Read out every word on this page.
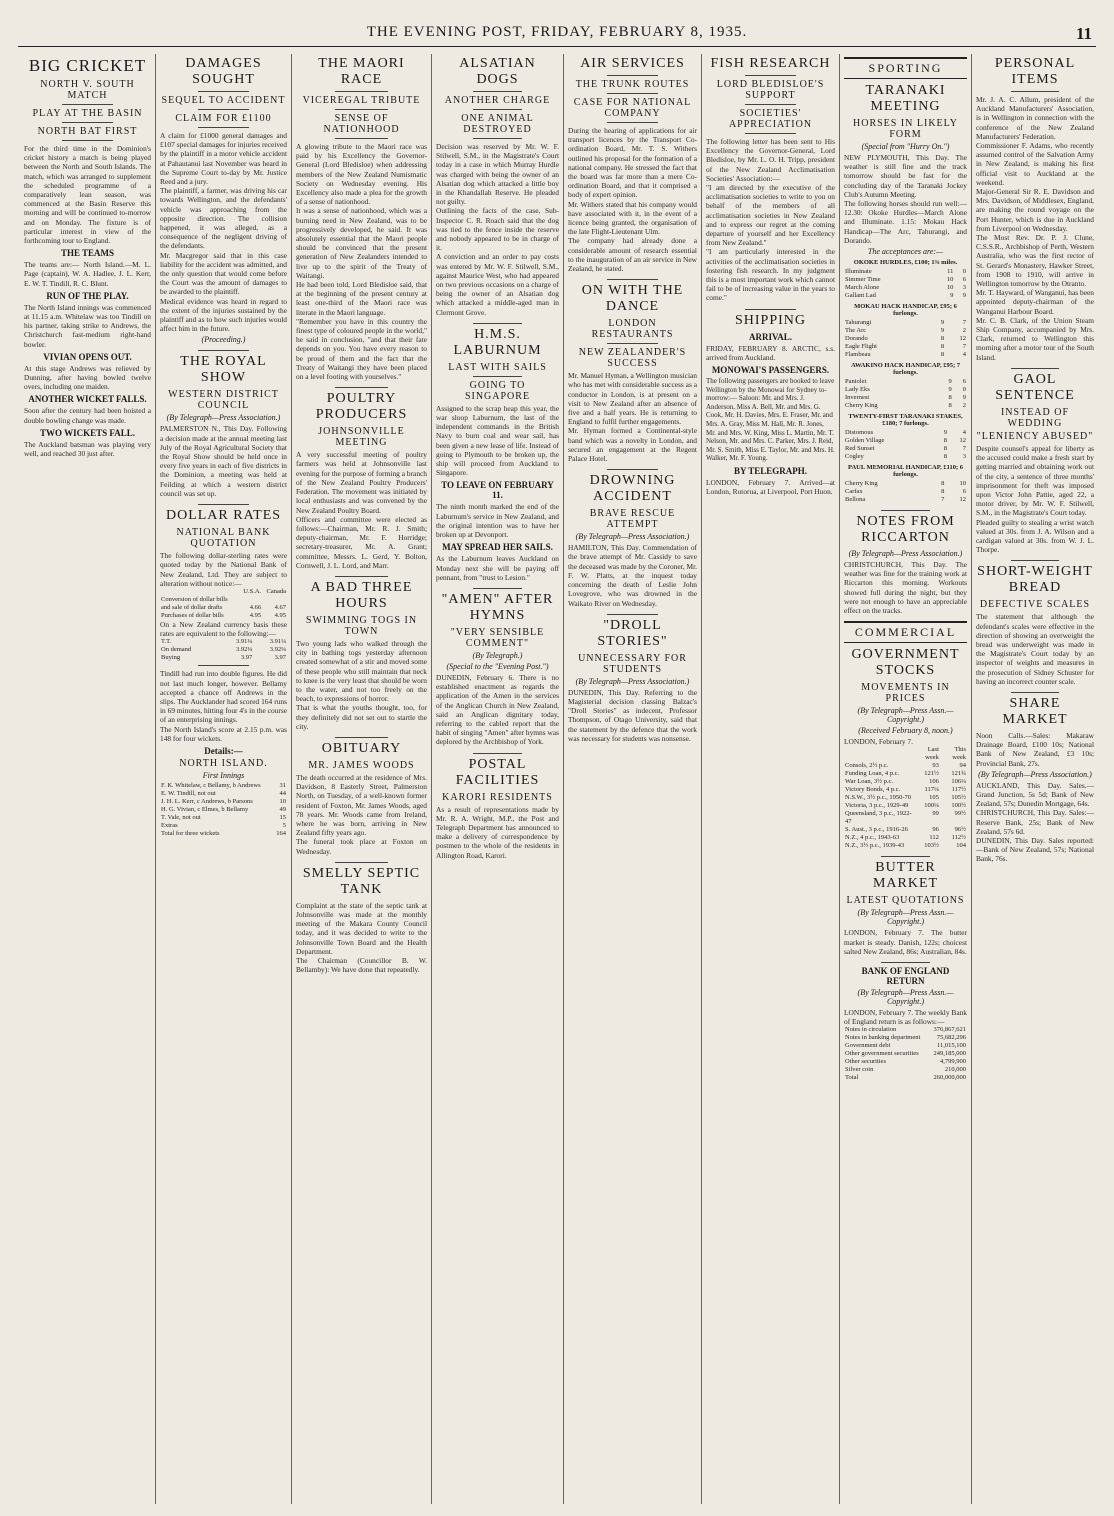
THE EVENING POST, FRIDAY, FEBRUARY 8, 1935.	11
BIG CRICKET
NORTH V. SOUTH MATCH
PLAY AT THE BASIN
NORTH BAT FIRST
For the third time in the Dominion's cricket history a match is being played between the North and South Islands. The match, which was arranged to supplement the scheduled programme of a comparatively lean season, was commenced at the Basin Reserve this morning and will be continued to-morrow and on Monday. The fixture is of particular interest in view of the forthcoming tour to England.
THE TEAMS
The teams are:— North Island.—M. L. Page (captain), W. A. Hadlee, J. L. Kerr, E. W. T. Tindill, R. C. Blunt.
RUN OF THE PLAY.
The North Island innings was commenced at 11.15 a.m. Whitelaw was too Tindill on his partner, taking strike to Andrews, the Christchurch fast-medium right-hand bowler.
VIVIAN OPENS OUT.
At this stage Andrews was relieved by Dunning, after having bowled twelve overs, including one maiden.
ANOTHER WICKET FALLS.
Soon after the century had been hoisted a double bowling change was made.
TWO WICKETS FALL.
The Auckland batsman was playing very well, and reached 30 just after.
DAMAGES SOUGHT
SEQUEL TO ACCIDENT
CLAIM FOR £1100
A claim for £1000 general damages and £107 special damages for injuries received by the plaintiff in a motor vehicle accident at Pahautanui last November was heard in the Supreme Court to-day by Mr. Justice Reed and a jury.
The plaintiff, a farmer, was driving his car towards Wellington, and the defendants' vehicle was approaching from the opposite direction. The collision happened, it was alleged, as a consequence of the negligent driving of the defendants.
Mr. Macgregor said that in this case liability for the accident was admitted, and the only question that would come before the Court was the amount of damages to be awarded to the plaintiff.
Medical evidence was heard in regard to the extent of the injuries sustained by the plaintiff and as to how such injuries would affect him in the future.
(Proceeding.)
THE ROYAL SHOW
WESTERN DISTRICT COUNCIL
(By Telegraph—Press Association.)
PALMERSTON N., This Day. Following a decision made at the annual meeting last July of the Royal Agricultural Society that the Royal Show should be held once in every five years in each of five districts in the Dominion, a meeting was held at Feilding at which a western district council was set up.
DOLLAR RATES
NATIONAL BANK QUOTATION
The following dollar-sterling rates were quoted today by the National Bank of New Zealand, Ltd. They are subject to alteration without notice:—
	U.S.A.	Canada
Conversion of dollar bills		
and sale of dollar drafts	4.66	4.67
Purchases of dollar bills	4.95	4.95
On a New Zealand currency basis these rates are equivalent to the following:—
T.T.	3.91¼	3.91¼
On demand	3.92¼	3.92¼
Buying	3.97	3.97
Tindill had run into double figures. He did not last much longer, however. Bellamy accepted a chance off Andrews in the slips. The Aucklander had scored 164 runs in 69 minutes, hitting four 4's in the course of an enterprising innings.
The North Island's score at 2.15 p.m. was 148 for four wickets.
Details:—
NORTH ISLAND.
First Innings
F. K. Whitelaw, c Bellamy, b Andrews	31
E. W. Tindill, not out	44
J. H. L. Kerr, c Andrews, b Parsons	10
H. G. Vivian, c Elmes, b Bellamy	49
T. Vale, not out	15
Extras	5
Total for three wickets	164
THE MAORI RACE
VICEREGAL TRIBUTE
SENSE OF NATIONHOOD
A glowing tribute to the Maori race was paid by his Excellency the Governor-General (Lord Bledisloe) when addressing members of the New Zealand Numismatic Society on Wednesday evening. His Excellency also made a plea for the growth of a sense of nationhood.
It was a sense of nationhood, which was a burning need in New Zealand, was to be progressively developed, he said. It was absolutely essential that the Maori people should be convinced that the present generation of New Zealanders intended to live up to the spirit of the Treaty of Waitangi.
He had been told, Lord Bledisloe said, that at the beginning of the present century at least one-third of the Maori race was literate in the Maori language.
"Remember you have in this country the finest type of coloured people in the world," he said in conclusion, "and that their fate depends on you. You have every reason to be proud of them and the fact that the Treaty of Waitangi they have been placed on a level footing with yourselves."
POULTRY PRODUCERS
JOHNSONVILLE MEETING
A very successful meeting of poultry farmers was held at Johnsonville last evening for the purpose of forming a branch of the New Zealand Poultry Producers' Federation. The movement was initiated by local enthusiasts and was convened by the New Zealand Poultry Board.
Officers and committee were elected as follows:—Chairman, Mr. R. J. Smith; deputy-chairman, Mr. F. Horridge; secretary-treasurer, Mr. A. Grant; committee, Messrs. L. Gerd, Y. Bolton, Cornwell, J. L. Lord, and Marr.
A BAD THREE HOURS
SWIMMING TOGS IN TOWN
Two young lads who walked through the city in bathing togs yesterday afternoon created somewhat of a stir and moved some of these people who still maintain that neck to knee is the very least that should be worn to the water, and not too freely on the beach, to expressions of horror.
That is what the youths thought, too, for they definitely did not set out to startle the city.
OBITUARY
MR. JAMES WOODS
The death occurred at the residence of Mrs. Davidson, 8 Easterly Street, Palmerston North, on Tuesday, of a well-known former resident of Foxton, Mr. James Woods, aged 78 years. Mr. Woods came from Ireland, where he was born, arriving in New Zealand fifty years ago.
The funeral took place at Foxton on Wednesday.
SMELLY SEPTIC TANK
Complaint at the state of the septic tank at Johnsonville was made at the monthly meeting of the Makara County Council today, and it was decided to write to the Johnsonville Town Board and the Health Department.
The Chairman (Councillor B. W. Bellamby): We have done that repeatedly.
ALSATIAN DOGS
ANOTHER CHARGE
ONE ANIMAL DESTROYED
Decision was reserved by Mr. W. F. Stilwell, S.M., in the Magistrate's Court today in a case in which Murray Hurdle was charged with being the owner of an Alsatian dog which attacked a little boy in the Khandallah Reserve. He pleaded not guilty.
Outlining the facts of the case, Sub-Inspector C. R. Roach said that the dog was tied to the fence inside the reserve and nobody appeared to be in charge of it.
A conviction and an order to pay costs was entered by Mr. W. F. Stilwell, S.M., against Maurice West, who had appeared on two previous occasions on a charge of being the owner of an Alsatian dog which attacked a middle-aged man in Clermont Grove.
H.M.S. LABURNUM
LAST WITH SAILS
GOING TO SINGAPORE
Assigned to the scrap heap this year, the war sloop Laburnum, the last of the independent commands in the British Navy to burn coal and wear sail, has been given a new lease of life. Instead of going to Plymouth to be broken up, the ship will proceed from Auckland to Singapore.
TO LEAVE ON FEBRUARY 11.
The ninth month marked the end of the Laburnum's service in New Zealand, and the original intention was to have her broken up at Devonport.
MAY SPREAD HER SAILS.
As the Laburnum leaves Auckland on Monday next she will be paying off pennant, from "trust to Lesion."
"AMEN" AFTER HYMNS
"VERY SENSIBLE COMMENT"
(By Telegraph.)
(Special to the "Evening Post.")
DUNEDIN, February 6. There is no established enactment as regards the application of the Amen in the services of the Anglican Church in New Zealand, said an Anglican dignitary today, referring to the cabled report that the habit of singing "Amen" after hymns was deplored by the Archbishop of York.
POSTAL FACILITIES
KARORI RESIDENTS
As a result of representations made by Mr. R. A. Wright, M.P., the Post and Telegraph Department has announced to make a delivery of correspondence by postmen to the whole of the residents in Allington Road, Karori.
AIR SERVICES
THE TRUNK ROUTES
CASE FOR NATIONAL COMPANY
During the hearing of applications for air transport licences by the Transport Co-ordination Board, Mr. T. S. Withers outlined his proposal for the formation of a national company. He stressed the fact that the board was far more than a mere Co-ordination Board, and that it comprised a body of expert opinion.
Mr. Withers stated that his company would have associated with it, in the event of a licence being granted, the organisation of the late Flight-Lieutenant Ulm.
The company had already done a considerable amount of research essential to the inauguration of an air service in New Zealand, he stated.
ON WITH THE DANCE
LONDON RESTAURANTS
NEW ZEALANDER'S SUCCESS
Mr. Manuel Hyman, a Wellington musician who has met with considerable success as a conductor in London, is at present on a visit to New Zealand after an absence of five and a half years. He is returning to England to fulfil further engagements.
Mr. Hyman formed a Continental-style band which was a novelty in London, and secured an engagement at the Regent Palace Hotel.
DROWNING ACCIDENT
BRAVE RESCUE ATTEMPT
(By Telegraph—Press Association.)
HAMILTON, This Day. Commendation of the brave attempt of Mr. Cassidy to save the deceased was made by the Coroner, Mr. F. W. Platts, at the inquest today concerning the death of Leslie John Lovegrove, who was drowned in the Waikato River on Wednesday.
"DROLL STORIES"
UNNECESSARY FOR STUDENTS
(By Telegraph—Press Association.)
DUNEDIN, This Day. Referring to the Magisterial decision classing Balzac's "Droll Stories" as indecent, Professor Thompson, of Otago University, said that the statement by the defence that the work was necessary for students was nonsense.
FISH RESEARCH
LORD BLEDISLOE'S SUPPORT
SOCIETIES' APPRECIATION
The following letter has been sent to His Excellency the Governor-General, Lord Bledisloe, by Mr. L. O. H. Tripp, president of the New Zealand Acclimatisation Societies' Association:—
"I am directed by the executive of the acclimatisation societies to write to you on behalf of the members of all acclimatisation societies in New Zealand and to express our regret at the coming departure of yourself and her Excellency from New Zealand."
"I am particularly interested in the activities of the acclimatisation societies in fostering fish research. In my judgment this is a most important work which cannot fail to be of increasing value in the years to come."
SHIPPING
ARRIVAL.
FRIDAY, FEBRUARY 8. ARCTIC, s.s. arrived from Auckland.
MONOWAI'S PASSENGERS.
The following passengers are booked to leave Wellington by the Monowai for Sydney to-morrow:— Saloon: Mr. and Mrs. J. Anderson, Miss A. Bell, Mr. and Mrs. G. Cook, Mr. H. Davies, Mrs. E. Fraser, Mr. and Mrs. A. Gray, Miss M. Hall, Mr. R. Jones, Mr. and Mrs. W. King, Miss L. Martin, Mr. T. Nelson, Mr. and Mrs. C. Parker, Mrs. J. Reid, Mr. S. Smith, Miss E. Taylor, Mr. and Mrs. H. Walker, Mr. F. Young.
BY TELEGRAPH.
LONDON, February 7. Arrived—at London, Rotorua, at Liverpool, Port Huon.
SPORTING
TARANAKI MEETING
HORSES IN LIKELY FORM
(Special from "Hurry On.")
NEW PLYMOUTH, This Day. The weather is still fine and the track tomorrow should be fast for the concluding day of the Taranaki Jockey Club's Autumn Meeting.
The following horses should run well:— 12.30: Okoke Hurdles—March Alone and Illuminate. 1.15: Mokau Hack Handicap—The Arc, Tahurangi, and Dorando.
The acceptances are:—
OKOKE HURDLES, £100; 1⅜ miles.
Illuminate	11	0
Simmer Time	10	6
March Alone	10	3
Gallant Lad	9	9
MOKAU HACK HANDICAP, £95; 6 furlongs.
Tahurangi	9	7
The Arc	9	2
Dorando	8	12
Eagle Flight	8	7
Flambeau	8	4
AWAKINO HACK HANDICAP, £95; 7 furlongs.
Paniolet	9	6
Lady Eks	9	0
Invernest	8	9
Cherry King	8	2
TWENTY-FIRST TARANAKI STAKES, £180; 7 furlongs.
Distomous	9	4
Golden Village	8	12
Red Sunset	8	7
Cogley	8	3
PAUL MEMORIAL HANDICAP, £110; 6 furlongs.
Cherry King	8	10
Carfax	8	6
Bellona	7	12
NOTES FROM RICCARTON
(By Telegraph—Press Association.)
CHRISTCHURCH, This Day. The weather was fine for the training work at Riccarton this morning. Workouts showed full during the night, but they were not enough to have an appreciable effect on the tracks.
COMMERCIAL
GOVERNMENT STOCKS
MOVEMENTS IN PRICES
(By Telegraph—Press Assn.—Copyright.)
(Received February 8, noon.)
LONDON, February 7.
	Last week	This week
Consols, 2½ p.c.	93	94
Funding Loan, 4 p.c.	121½	121¾
War Loan, 3½ p.c.	106	106¼
Victory Bonds, 4 p.c.	117¼	117½
N.S.W., 3½ p.c., 1950-70	105	105½
Victoria, 3 p.c., 1929-49	100¼	100½
Queensland, 3 p.c., 1922-47	99	99½
S. Aust., 3 p.c., 1916-26	96	96½
N.Z., 4 p.c., 1943-63	112	112½
N.Z., 3½ p.c., 1939-43	103½	104
BUTTER MARKET
LATEST QUOTATIONS
(By Telegraph—Press Assn.—Copyright.)
LONDON, February 7. The butter market is steady. Danish, 122s; choicest salted New Zealand, 86s; Australian, 84s.
BANK OF ENGLAND RETURN
(By Telegraph—Press Assn.—Copyright.)
LONDON, February 7. The weekly Bank of England return is as follows:—
Notes in circulation	376,867,621
Notes in banking department	75,682,296
Government debt	11,015,100
Other government securities	249,185,000
Other securities	4,799,900
Silver coin	210,000
Total	260,000,000
PERSONAL ITEMS
Mr. J. A. C. Allum, president of the Auckland Manufacturers' Association, is in Wellington in connection with the conference of the New Zealand Manufacturers' Federation.
Commissioner F. Adams, who recently assumed control of the Salvation Army in New Zealand, is making his first official visit to Auckland at the weekend.
Major-General Sir R. E. Davidson and Mrs. Davidson, of Middlesex, England, are making the round voyage on the Port Hunter, which is due in Auckland from Liverpool on Wednesday.
The Most Rev. Dr. P. J. Clune, C.S.S.R., Archbishop of Perth, Western Australia, who was the first rector of St. Gerard's Monastery, Hawker Street, from 1908 to 1910, will arrive in Wellington tomorrow by the Otranto.
Mr. T. Hayward, of Wanganui, has been appointed deputy-chairman of the Wanganui Harbour Board.
Mr. C. B. Clark, of the Union Steam Ship Company, accompanied by Mrs. Clark, returned to Wellington this morning after a motor tour of the South Island.
GAOL SENTENCE
INSTEAD OF WEDDING
"LENIENCY ABUSED"
Despite counsel's appeal for liberty as the accused could make a fresh start by getting married and obtaining work out of the city, a sentence of three months' imprisonment for theft was imposed upon Victor John Pattie, aged 22, a motor driver, by Mr. W. F. Stilwell, S.M., in the Magistrate's Court today.
Pleaded guilty to stealing a wrist watch valued at 30s. from J. A. Wilson and a cardigan valued at 30s. from W. J. L. Thorpe.
SHORT-WEIGHT BREAD
DEFECTIVE SCALES
The statement that although the defendant's scales were effective in the direction of showing an overweight the bread was underweight was made in the Magistrate's Court today by an inspector of weights and measures in the prosecution of Sidney Schuster for having an incorrect counter scale.
SHARE MARKET
Noon Calls.—Sales: Makaraw Drainage Board, £100 10s; National Bank of New Zealand, £3 10s; Provincial Bank, 27s.
(By Telegraph—Press Association.)
AUCKLAND, This Day. Sales.—Grand Junction, 5s 5d; Bank of New Zealand, 57s; Dunedin Mortgage, 64s.
CHRISTCHURCH, This Day. Sales:—Reserve Bank, 25s; Bank of New Zealand, 57s 6d.
DUNEDIN, This Day. Sales reported:—Bank of New Zealand, 57s; National Bank, 76s.
